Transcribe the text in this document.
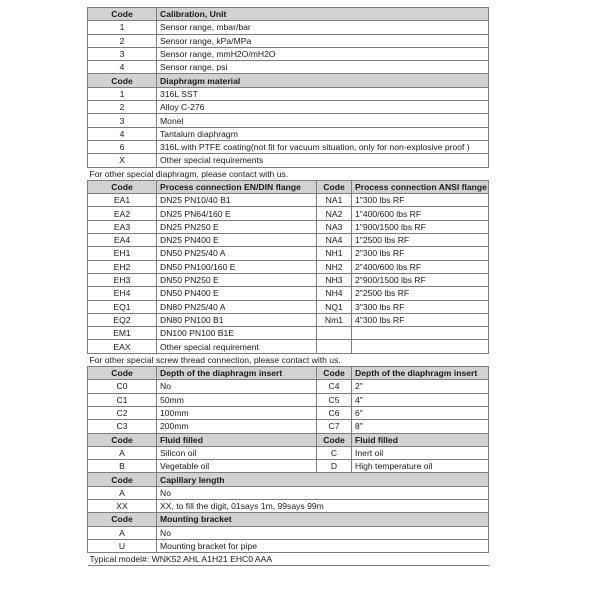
Code	Calibration, Unit		
1	Sensor range, mbar/bar		
2	Sensor range, kPa/MPa		
3	Sensor range, mmH2O/mH2O		
4	Sensor range, psi		
Code	Diaphragm material		
1	316L SST		
2	Alloy C-276		
3	Monel		
4	Tantalum diaphragm		
6	316L with PTFE coating(not fit for vacuum situation, only for non-explosive proof )		
X	Other special requirements		
For other special diaphragm, please contact with us.			
Code	Process connection EN/DIN flange	Code	Process connection ANSI flange
EA1	DN25 PN10/40 B1	NA1	1"300 lbs RF
EA2	DN25 PN64/160 E	NA2	1"400/600 lbs RF
EA3	DN25 PN250 E	NA3	1"900/1500 lbs RF
EA4	DN25 PN400 E	NA4	1"2500 lbs RF
EH1	DN50 PN25/40 A	NH1	2"300 lbs RF
EH2	DN50 PN100/160 E	NH2	2"400/600 lbs RF
EH3	DN50 PN250 E	NH3	2"900/1500 lbs RF
EH4	DN50 PN400 E	NH4	2"2500 lbs RF
EQ1	DN80 PN25/40 A	NQ1	3"300 lbs RF
EQ2	DN80 PN100 B1	Nm1	4"300 lbs RF
EM1	DN100 PN100 B1E		
EAX	Other special requirement		
For other special screw thread connection, please contact with us.			
Code	Depth of the diaphragm insert	Code	Depth of the diaphragm insert
C0	No	C4	2"
C1	50mm	C5	4"
C2	100mm	C6	6"
C3	200mm	C7	8"
Code	Fluid filled	Code	Fluid filled
A	Silicon oil	C	Inert oil
B	Vegetable oil	D	High temperature oil
Code	Capillary length		
A	No		
XX	XX, to fill the digit, 01says 1m, 99says 99m		
Code	Mounting bracket		
A	No		
U	Mounting bracket for pipe		
Typical model#: WNK52 AHL A1H21 EHC0 AAA			
